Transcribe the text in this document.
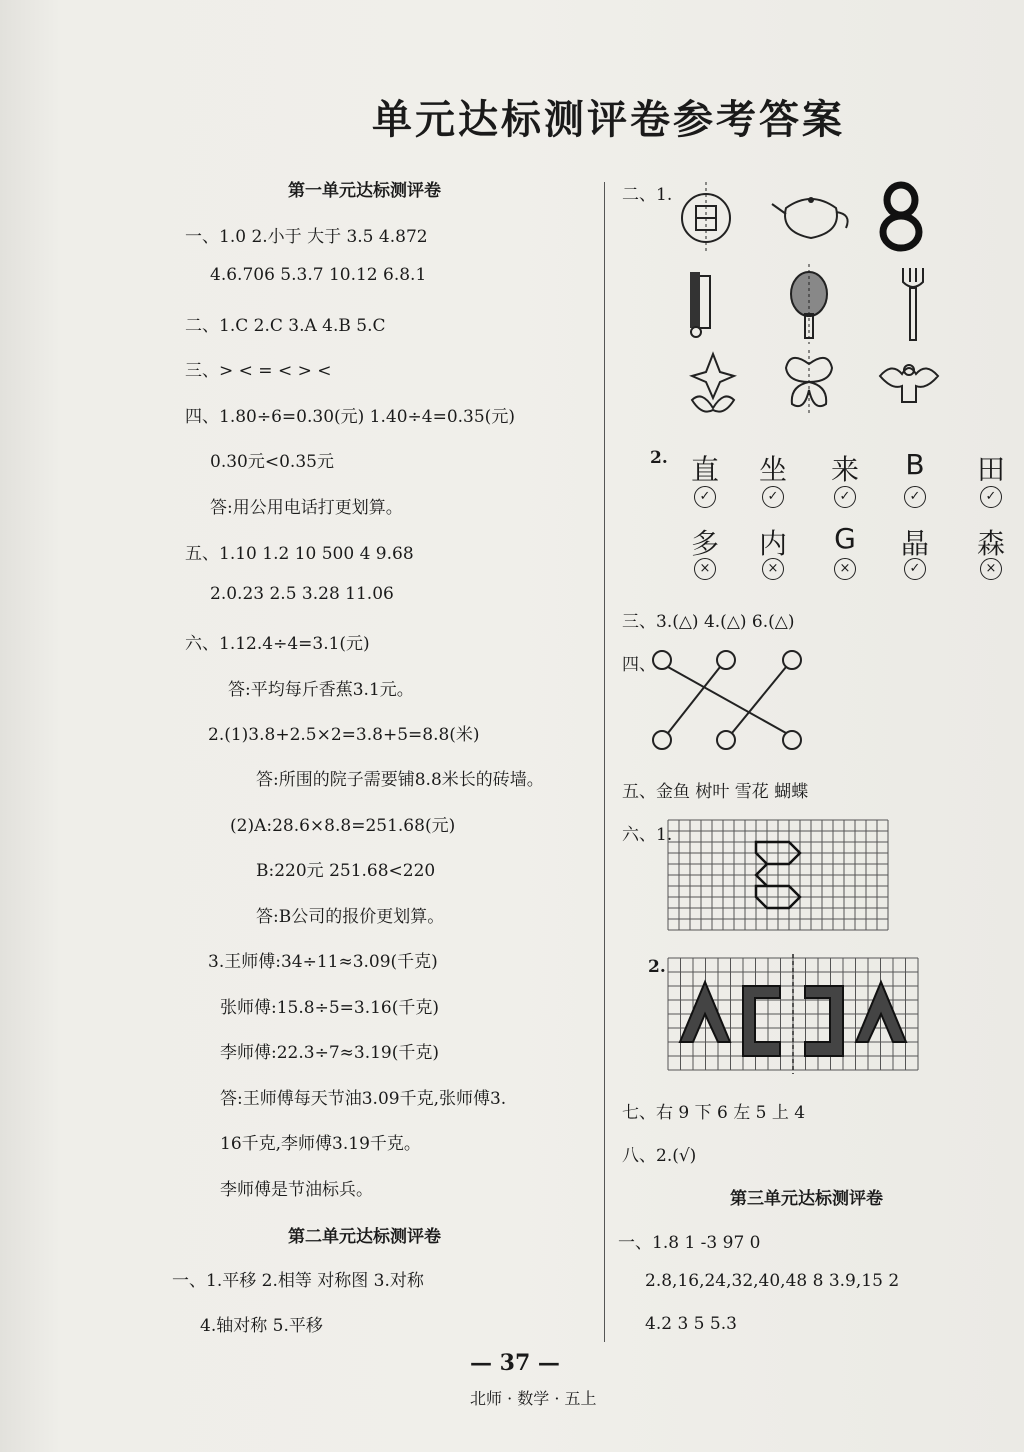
单元达标测评卷参考答案
第一单元达标测评卷
一、1.0 2.小于 大于 3.5 4.872
4.6.706 5.3.7 10.12 6.8.1
二、1.C 2.C 3.A 4.B 5.C
三、> < = < > <
四、1.80÷6=0.30(元) 1.40÷4=0.35(元)
0.30元<0.35元
答:用公用电话打更划算。
五、1.10 1.2 10 500 4 9.68
2.0.23 2.5 3.28 11.06
六、1.12.4÷4=3.1(元)
答:平均每斤香蕉3.1元。
2.(1)3.8+2.5×2=3.8+5=8.8(米)
答:所围的院子需要铺8.8米长的砖墙。
(2)A:28.6×8.8=251.68(元)
B:220元 251.68<220
答:B公司的报价更划算。
3.王师傅:34÷11≈3.09(千克)
张师傅:15.8÷5=3.16(千克)
李师傅:22.3÷7≈3.19(千克)
答:王师傅每天节油3.09千克,张师傅3.
16千克,李师傅3.19千克。
李师傅是节油标兵。
第二单元达标测评卷
一、1.平移 2.相等 对称图 3.对称
4.轴对称 5.平移
二、1.
2. 直	坐	来	B	田
✓	✓	✓	✓	✓
多	内	G	晶	森
×	×	×	✓	×
三、3.(△) 4.(△) 6.(△)
四、
五、金鱼 树叶 雪花 蝴蝶
六、1.
2.
七、右 9 下 6 左 5 上 4
八、2.(√)
第三单元达标测评卷
一、1.8 1 -3 97 0
2.8,16,24,32,40,48 8 3.9,15 2
4.2 3 5 5.3
— 37 —
北师 · 数学 · 五上
